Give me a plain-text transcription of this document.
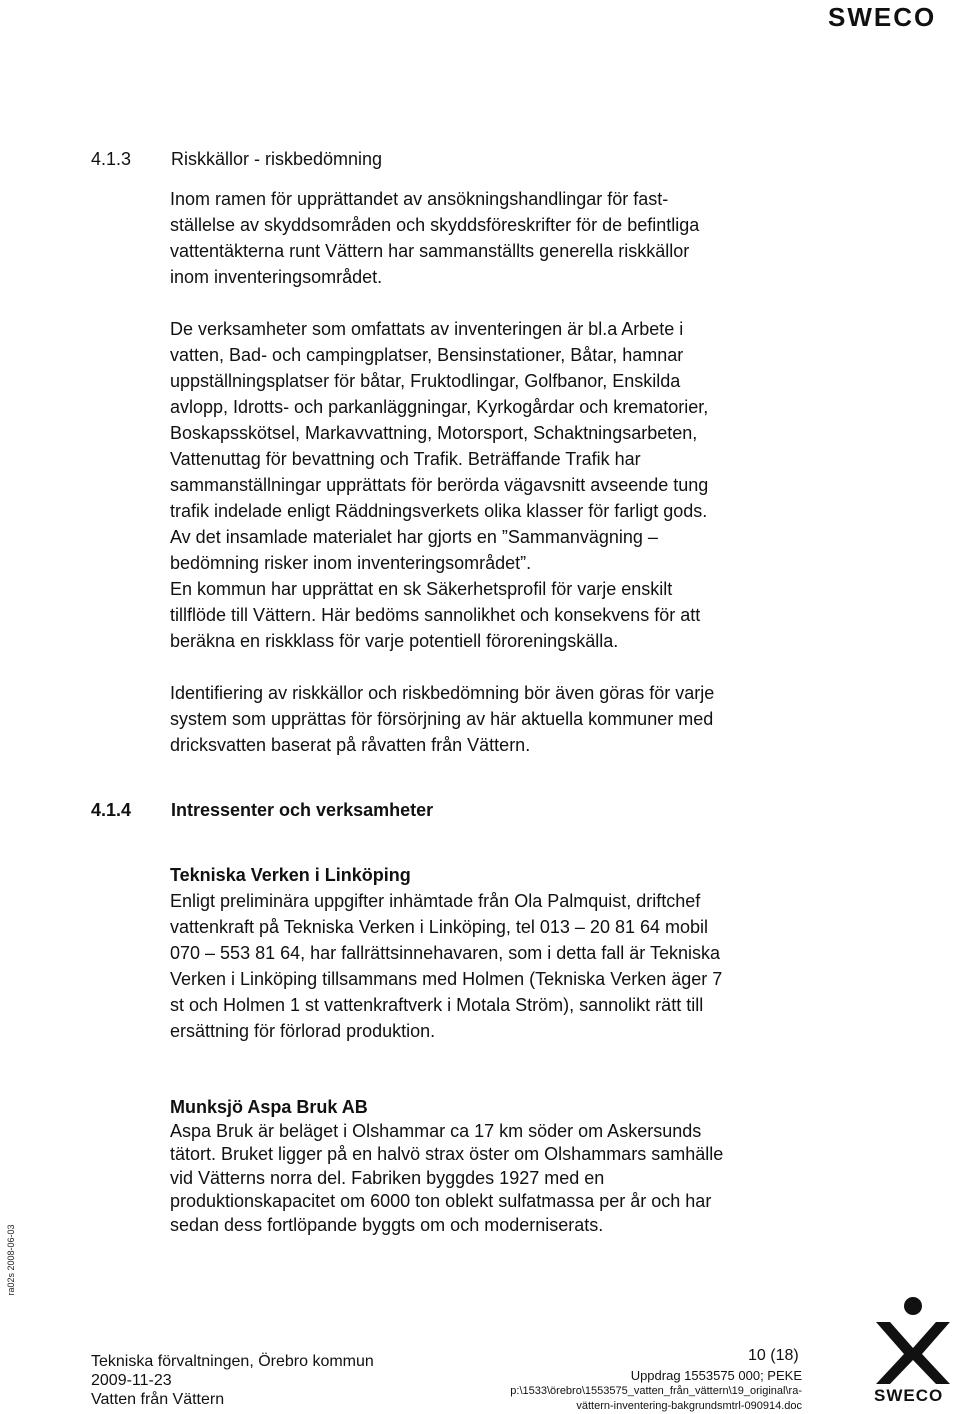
SWECO
4.1.3 Riskkällor - riskbedömning

Inom ramen för upprättandet av ansökningshandlingar för fast-

ställelse av skyddsområden och skyddsföreskrifter för de befintliga

vattentäkterna runt Vättern har sammanställts generella riskkällor

inom inventeringsområdet.

De verksamheter som omfattats av inventeringen är bl.a Arbete i

vatten, Bad- och campingplatser, Bensinstationer, Båtar, hamnar

uppställningsplatser för båtar, Fruktodlingar, Golfbanor, Enskilda

avlopp, Idrotts- och parkanläggningar, Kyrkogårdar och krematorier,

Boskapsskötsel, Markavvattning, Motorsport, Schaktningsarbeten,

Vattenuttag för bevattning och Trafik. Beträffande Trafik har

sammanställningar upprättats för berörda vägavsnitt avseende tung

trafik indelade enligt Räddningsverkets olika klasser för farligt gods.

Av det insamlade materialet har gjorts en ”Sammanvägning –

bedömning risker inom inventeringsområdet”.

En kommun har upprättat en sk Säkerhetsprofil för varje enskilt

tillflöde till Vättern. Här bedöms sannolikhet och konsekvens för att

beräkna en riskklass för varje potentiell föroreningskälla.

Identifiering av riskkällor och riskbedömning bör även göras för varje

system som upprättas för försörjning av här aktuella kommuner med

dricksvatten baserat på råvatten från Vättern.

4.1.4 Intressenter och verksamheter

Tekniska Verken i Linköping

Enligt preliminära uppgifter inhämtade från Ola Palmquist, driftchef

vattenkraft på Tekniska Verken i Linköping, tel 013 – 20 81 64 mobil

070 – 553 81 64, har fallrättsinnehavaren, som i detta fall är Tekniska

Verken i Linköping tillsammans med Holmen (Tekniska Verken äger 7

st och Holmen 1 st vattenkraftverk i Motala Ström), sannolikt rätt till

ersättning för förlorad produktion.

Munksjö Aspa Bruk AB

Aspa Bruk är beläget i Olshammar ca 17 km söder om Askersunds

tätort. Bruket ligger på en halvö strax öster om Olshammars samhälle

vid Vätterns norra del. Fabriken byggdes 1927 med en

produktionskapacitet om 6000 ton oblekt sulfatmassa per år och har

sedan dess fortlöpande byggts om och moderniserats.

ra02s 2008-06-03
Tekniska förvaltningen, Örebro kommun
2009-11-23
Vatten från Vättern
10 (18)
Uppdrag 1553575 000; PEKE
p:\1533\örebro\1553575_vatten_från_vättern\19_original\ra-
vättern-inventering-bakgrundsmtrl-090914.doc
SWECO
